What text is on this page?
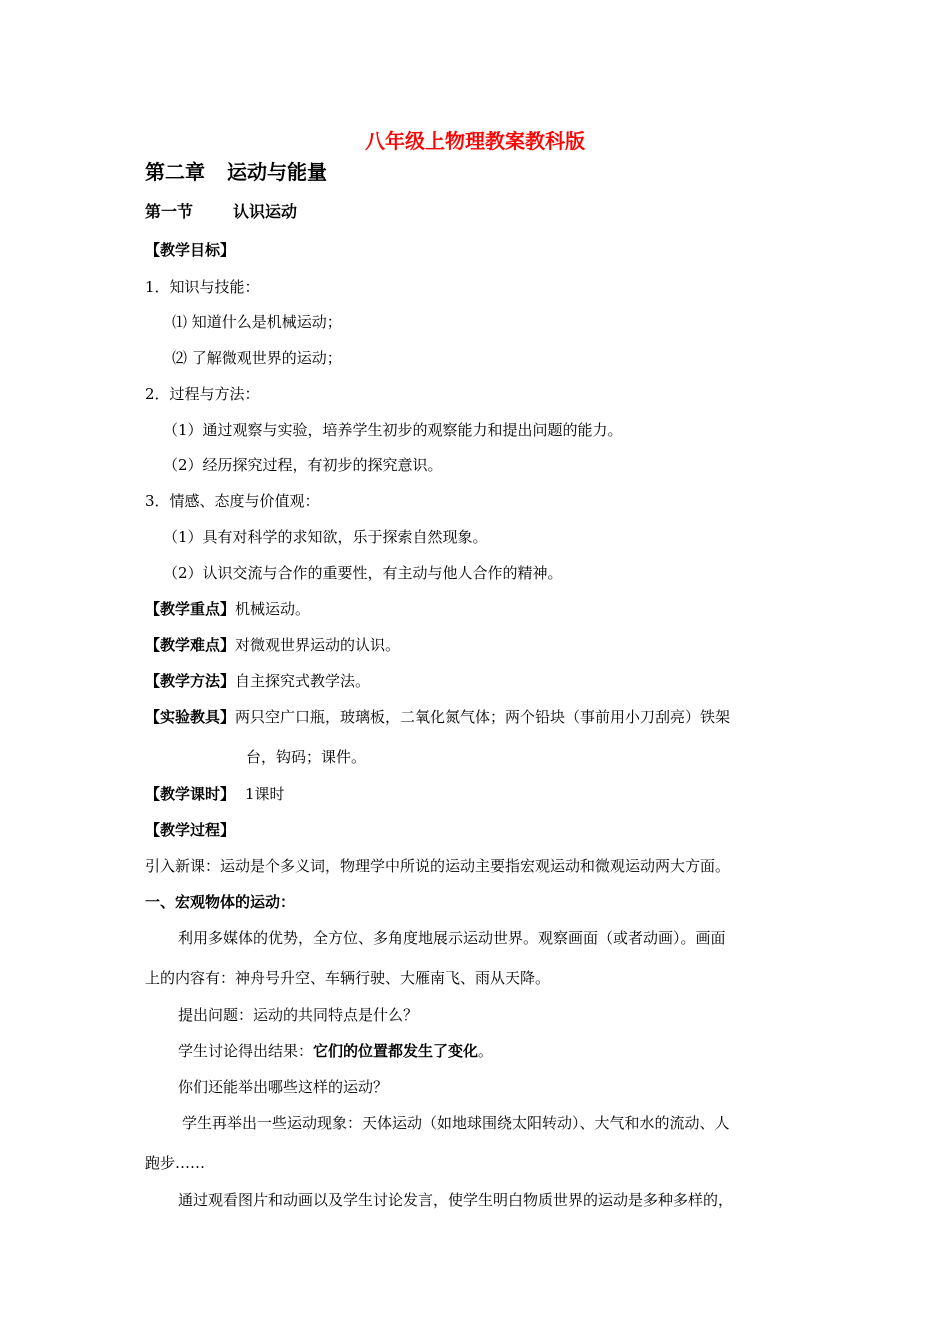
八年级上物理教案教科版
第二章 运动与能量
第一节	认识运动
【教学目标】
1．知识与技能：
⑴ 知道什么是机械运动；
⑵ 了解微观世界的运动；
2．过程与方法：
（1）通过观察与实验，培养学生初步的观察能力和提出问题的能力。
（2）经历探究过程，有初步的探究意识。
3．情感、态度与价值观：
（1）具有对科学的求知欲，乐于探索自然现象。
（2）认识交流与合作的重要性，有主动与他人合作的精神。
【教学重点】机械运动。
【教学难点】对微观世界运动的认识。
【教学方法】自主探究式教学法。
【实验教具】两只空广口瓶，玻璃板，二氧化氮气体；两个铅块（事前用小刀刮亮）铁架
台，钩码；课件。
【教学课时】 1课时
【教学过程】
引入新课：运动是个多义词，物理学中所说的运动主要指宏观运动和微观运动两大方面。
一、宏观物体的运动：
利用多媒体的优势，全方位、多角度地展示运动世界。观察画面（或者动画）。画面
上的内容有：神舟号升空、车辆行驶、大雁南飞、雨从天降。
提出问题：运动的共同特点是什么？
学生讨论得出结果：它们的位置都发生了变化。
你们还能举出哪些这样的运动？
学生再举出一些运动现象：天体运动（如地球围绕太阳转动）、大气和水的流动、人
跑步……
通过观看图片和动画以及学生讨论发言，使学生明白物质世界的运动是多种多样的，
